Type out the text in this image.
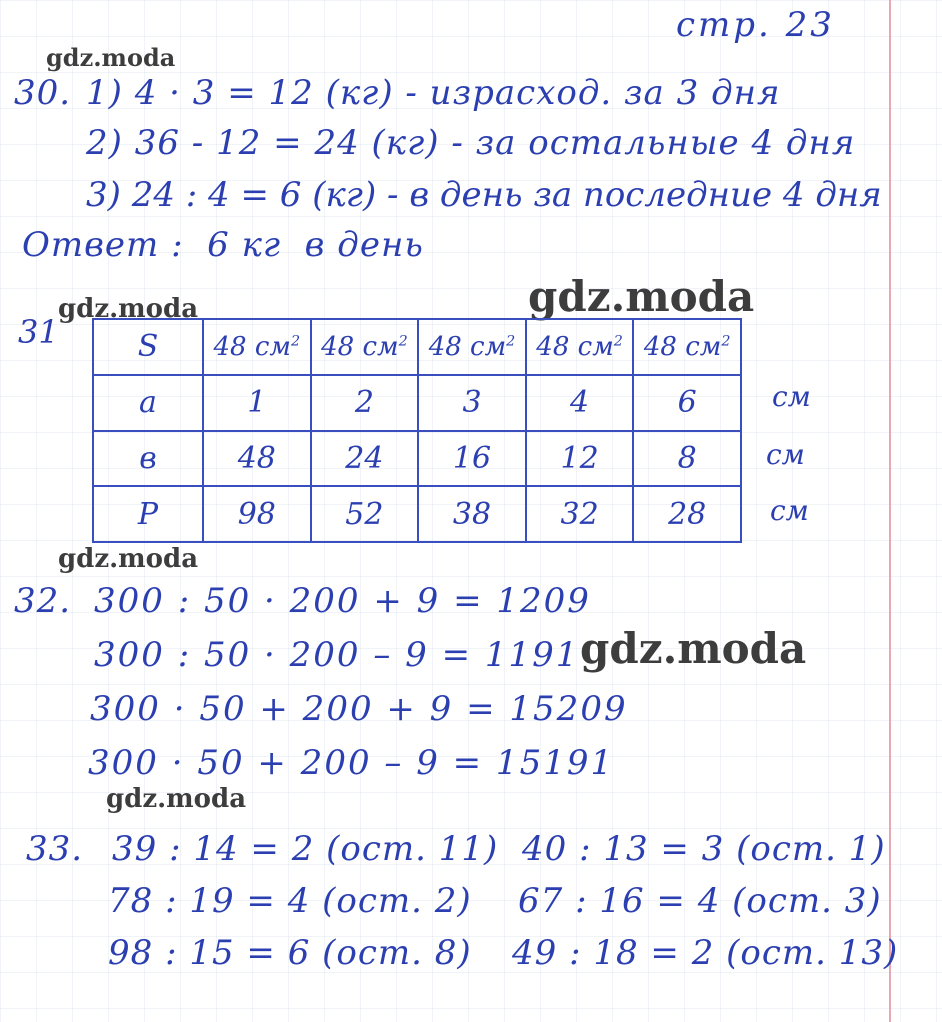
стр. 23
gdz.moda
gdz.moda	gdz.moda
gdz.moda
gdz.moda
gdz.moda
30. 1) 4 · 3 = 12 (кг) - израсход. за 3 дня
2) 36 - 12 = 24 (кг) - за остальные 4 дня
3) 24 : 4 = 6 (кг) - в день за последние 4 дня
Ответ :  6 кг  в день
31	S	48 $см^2$	48 $см^2$	48 $см^2$	48 $см^2$	48 $см^2$
a	1	2	3	4	6
в	48	24	16	12	8
P	98	52	38	32	28
см
см
см
32. 300 : 50 · 200 + 9 = 1209
300 : 50 · 200 – 9 = 1191
300 · 50 + 200 + 9 = 15209
300 · 50 + 200 – 9 = 15191
33. 39 : 14 = 2 (ост. 11)
78 : 19 = 4 (ост. 2)
98 : 15 = 6 (ост. 8)
40 : 13 = 3 (ост. 1)
67 : 16 = 4 (ост. 3)
49 : 18 = 2 (ост. 13)
